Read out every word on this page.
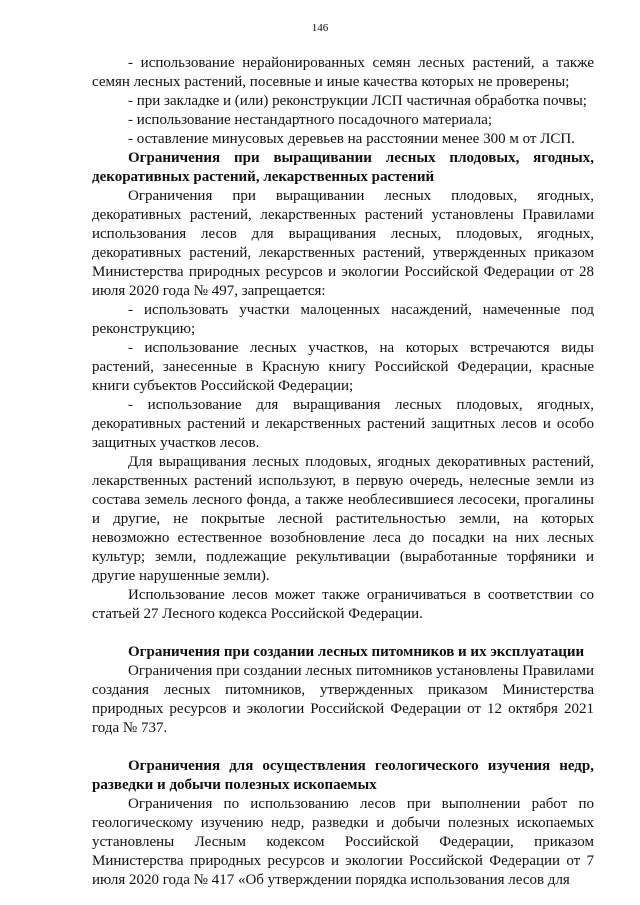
146

- использование нерайонированных семян лесных растений, а также семян лесных растений, посевные и иные качества которых не проверены;

- при закладке и (или) реконструкции ЛСП частичная обработка почвы;

- использование нестандартного посадочного материала;

- оставление минусовых деревьев на расстоянии менее 300 м от ЛСП.

Ограничения при выращивании лесных плодовых, ягодных, декоративных растений, лекарственных растений

Ограничения при выращивании лесных плодовых, ягодных, декоративных растений, лекарственных растений установлены Правилами использования лесов для выращивания лесных, плодовых, ягодных, декоративных растений, лекарственных растений, утвержденных приказом Министерства природных ресурсов и экологии Российской Федерации от 28 июля 2020 года № 497, запрещается:

- использовать участки малоценных насаждений, намеченные под реконструкцию;

- использование лесных участков, на которых встречаются виды растений, занесенные в Красную книгу Российской Федерации, красные книги субъектов Российской Федерации;

- использование для выращивания лесных плодовых, ягодных, декоративных растений и лекарственных растений защитных лесов и особо защитных участков лесов.

Для выращивания лесных плодовых, ягодных декоративных растений, лекарственных растений используют, в первую очередь, нелесные земли из состава земель лесного фонда, а также необлесившиеся лесосеки, прогалины и другие, не покрытые лесной растительностью земли, на которых невозможно естественное возобновление леса до посадки на них лесных культур; земли, подлежащие рекультивации (выработанные торфяники и другие нарушенные земли).

Использование лесов может также ограничиваться в соответствии со статьей 27 Лесного кодекса Российской Федерации.

Ограничения при создании лесных питомников и их эксплуатации

Ограничения при создании лесных питомников установлены Правилами создания лесных питомников, утвержденных приказом Министерства природных ресурсов и экологии Российской Федерации от 12 октября 2021 года № 737.

Ограничения для осуществления геологического изучения недр, разведки и добычи полезных ископаемых

Ограничения по использованию лесов при выполнении работ по геологическому изучению недр, разведки и добычи полезных ископаемых установлены Лесным кодексом Российской Федерации, приказом Министерства природных ресурсов и экологии Российской Федерации от 7 июля 2020 года № 417 «Об утверждении порядка использования лесов для
